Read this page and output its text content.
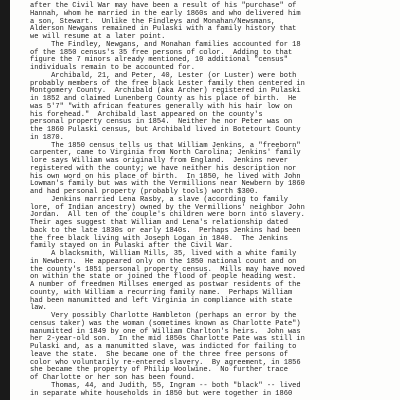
after the Civil War may have been a result of his "purchase" of
Hannah, whom he married in the early 1860s and who delivered him
a son, Stewart.  Unlike the Findleys and Monahan/Newsmans,
Alderson Newgans remained in Pulaski with a family history that
we will resume at a later point.
The Findley, Newgans, and Monahan families accounted for 18
of the 1850 census's 35 free persons of color.  Adding to that
figure the 7 minors already mentioned, 10 additional "census"
individuals remain to be accounted for.
Archibald, 21, and Peter, 40, Lester (or Luster) were both
probably members of the free black Lester family then centered in
Montgomery County.  Archibald (aka Archer) registered in Pulaski
in 1852 and claimed Lunenberg County as his place of birth.  He
was 5'7" "with african features generally with his hair low on
his forehead."  Archibald last appeared on the county's
personal property census in 1854.  Neither he nor Peter was on
the 1860 Pulaski census, but Archibald lived in Botetourt County
in 1870.
The 1850 census tells us that William Jenkins, a "freeborn"
carpenter, came to Virginia from North Carolina; Jenkins' family
lore says William was originally from England.  Jenkins never
registered with the county; we have neither his description nor
his own word on his place of birth.  In 1850, he lived with John
Lowman's family but was with the Vermillions near Newbern by 1860
and had personal property (probably tools) worth $300.
Jenkins married Lena Rasby, a slave (according to family
lore, of Indian ancestry) owned by the Vermillions' neighbor John
Jordan.  All ten of the couple's children were born into slavery.
Their ages suggest that William and Lena's relationship dated
back to the late 1830s or early 1840s.  Perhaps Jenkins had been
the free black living with Joseph Logan in 1840.  The Jenkins
family stayed on in Pulaski after the Civil War.
A blacksmith, William Mills, 35, lived with a white family
in Newbern.  He appeared only on the 1850 national count and on
the county's 1851 personal property census.  Mills may have moved
on within the state or joined the flood of people heading west.
A number of freedmen Millses emerged as postwar residents of the
county, with William a recurring family name.  Perhaps William
had been manumitted and left Virginia in compliance with state
law.
Very possibly Charlotte Hambleton (perhaps an error by the
census taker) was the woman (sometimes known as Charlotte Pate")
manumitted in 1849 by one of William Charlton's heirs.  John was
her 2-year-old son.  In the mid 1850s Charlotte Pate was still in
Pulaski and, as a manumitted slave, was indicted for failing to
leave the state.  She became one of the three free persons of
color who voluntarily re-entered slavery.  By agreement, in 1856
she became the property of Philip Woolwine.  No further trace
of Charlotte or her son has been found.
Thomas, 44, and Judith, 55, Ingram -- both "black" -- lived
in separate white households in 1850 but were together in 1860
